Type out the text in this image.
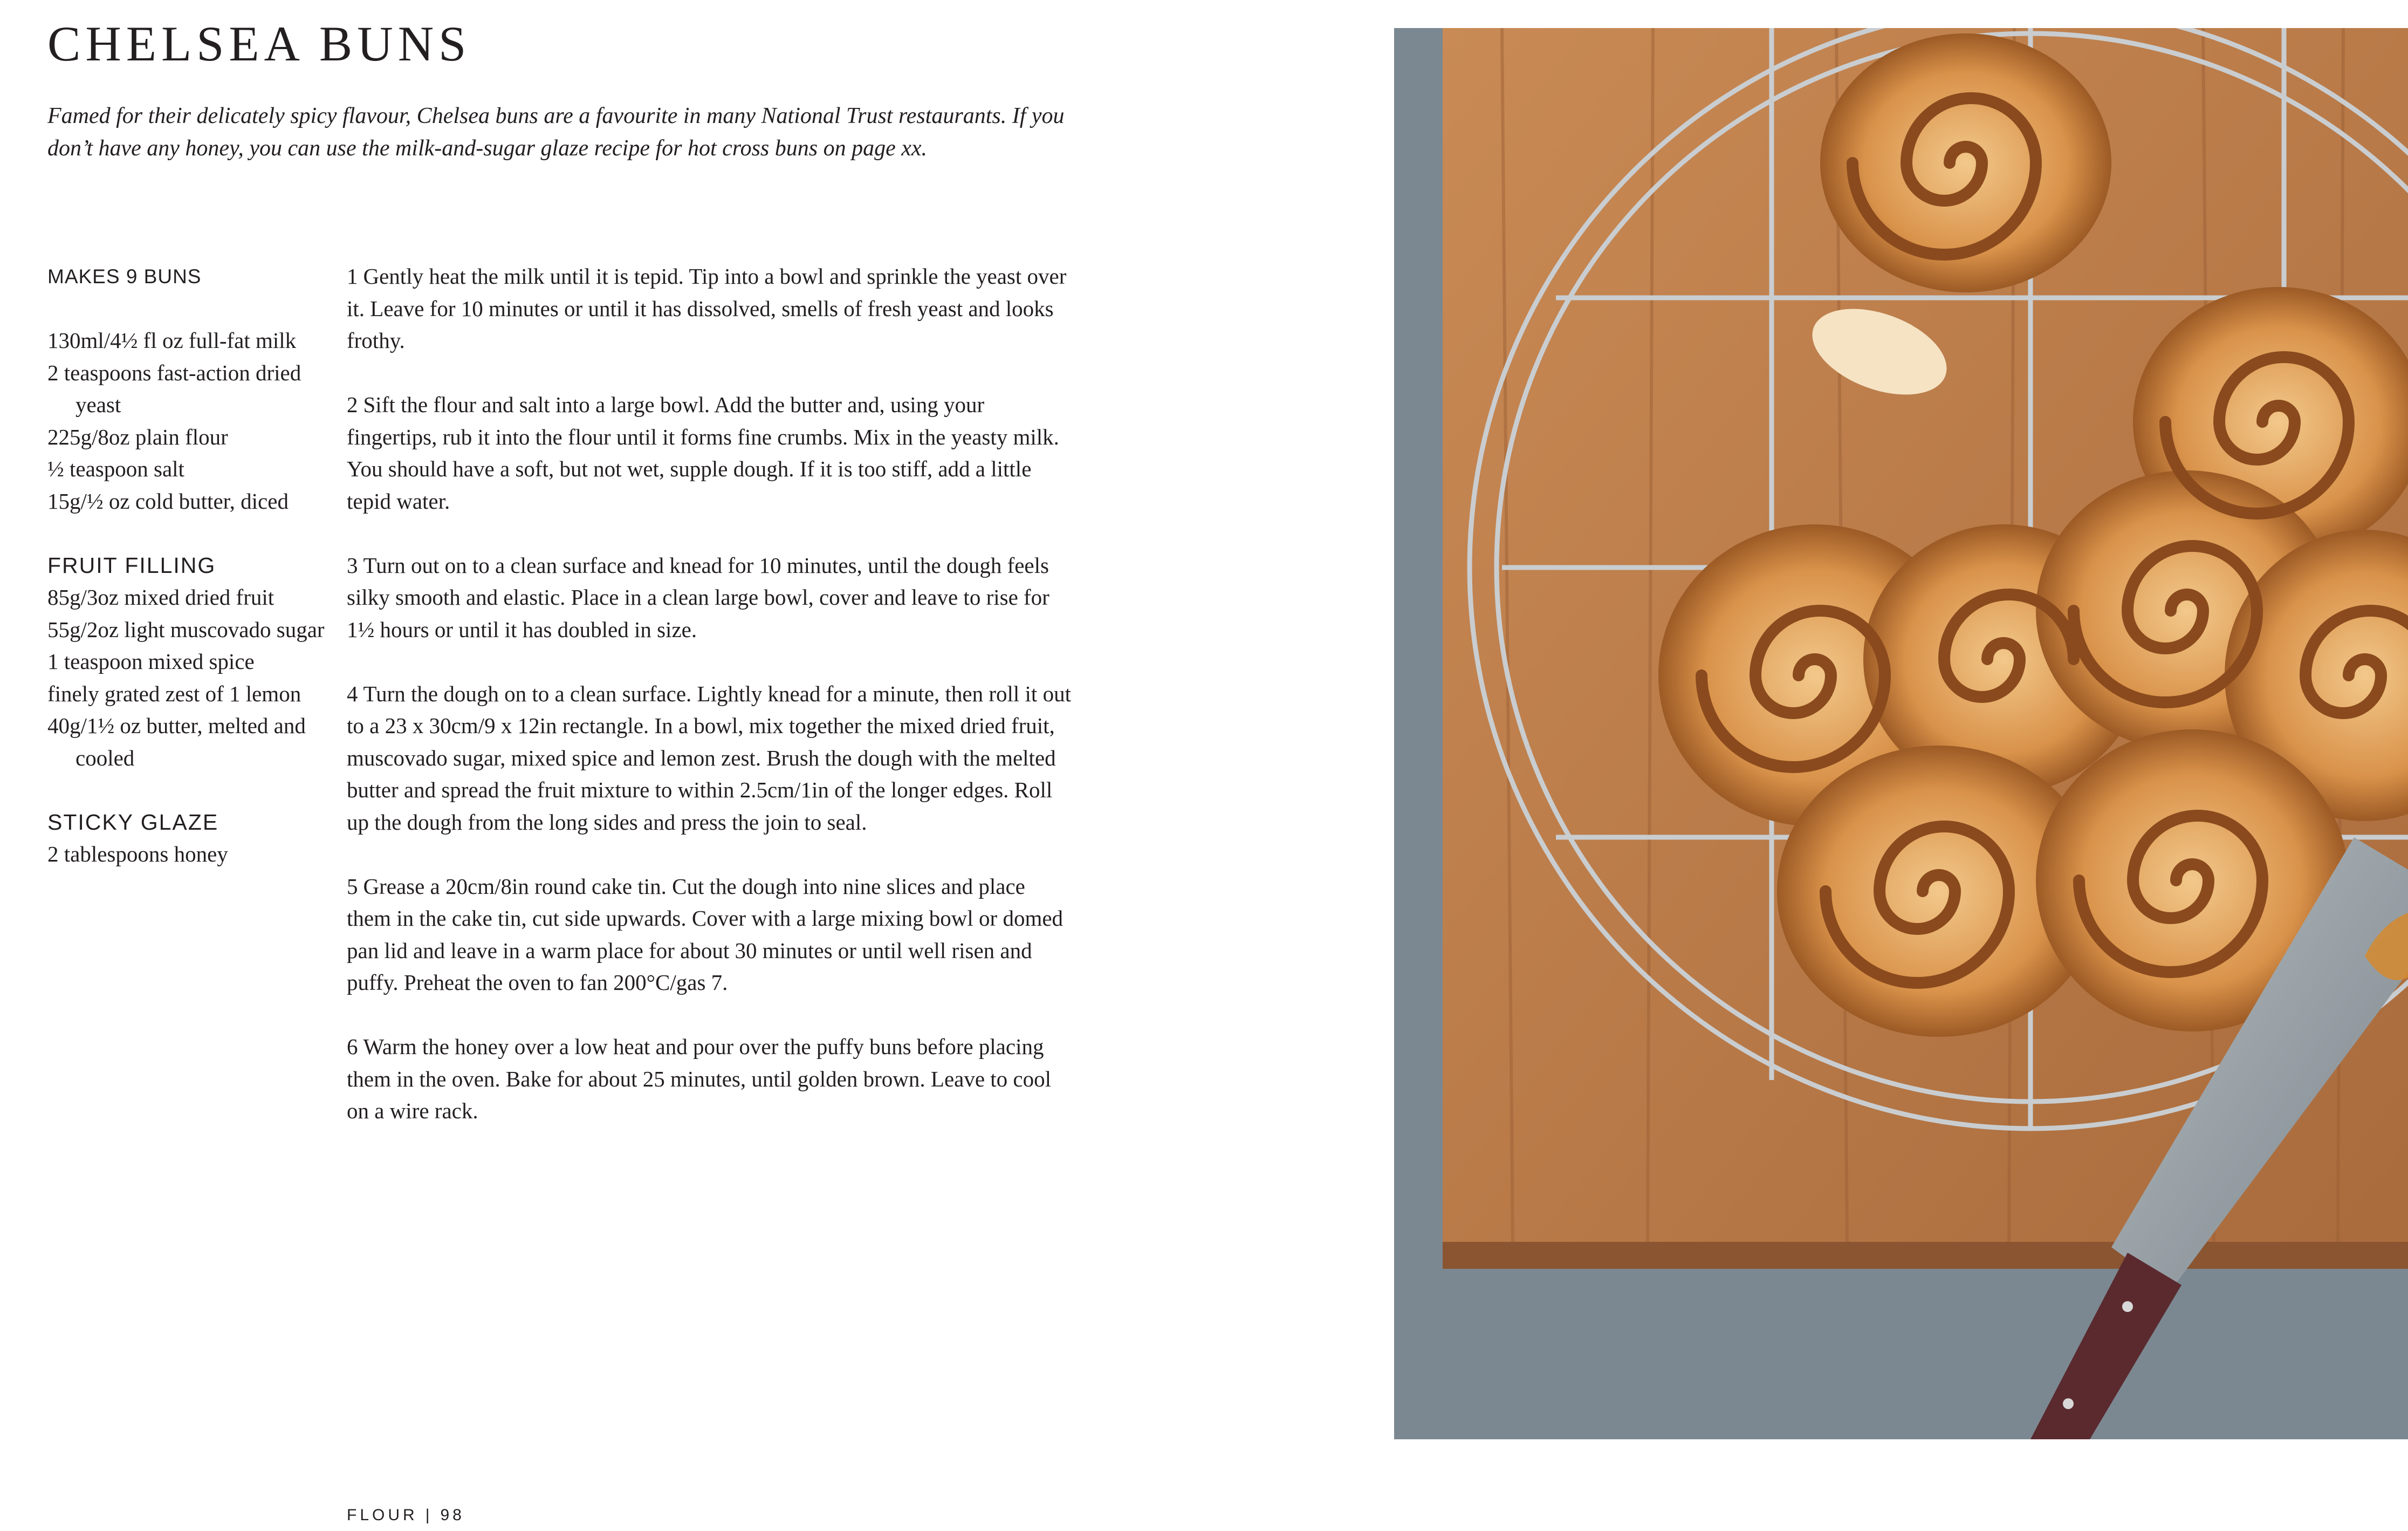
CHELSEA BUNS

Famed for their delicately spicy flavour, Chelsea buns are a favourite in many National Trust restaurants. If you don’t have any honey, you can use the milk-and-sugar glaze recipe for hot cross buns on page xx.

MAKES 9 BUNS
130ml/4½ fl oz full-fat milk
2 teaspoons fast-action dried yeast
225g/8oz plain flour
½ teaspoon salt
15g/½ oz cold butter, diced
FRUIT FILLING
85g/3oz mixed dried fruit
55g/2oz light muscovado sugar
1 teaspoon mixed spice
finely grated zest of 1 lemon
40g/1½ oz butter, melted and cooled
STICKY GLAZE
2 tablespoons honey

1 Gently heat the milk until it is tepid. Tip into a bowl and sprinkle the yeast over it. Leave for 10 minutes or until it has dissolved, smells of fresh yeast and looks frothy.

2 Sift the flour and salt into a large bowl. Add the butter and, using your fingertips, rub it into the flour until it forms fine crumbs. Mix in the yeasty milk. You should have a soft, but not wet, supple dough. If it is too stiff, add a little tepid water.

3 Turn out on to a clean surface and knead for 10 minutes, until the dough feels silky smooth and elastic. Place in a clean large bowl, cover and leave to rise for 1½ hours or until it has doubled in size.

4 Turn the dough on to a clean surface. Lightly knead for a minute, then roll it out to a 23 x 30cm/9 x 12in rectangle. In a bowl, mix together the mixed dried fruit, muscovado sugar, mixed spice and lemon zest. Brush the dough with the melted butter and spread the fruit mixture to within 2.5cm/1in of the longer edges. Roll up the dough from the long sides and press the join to seal.

5 Grease a 20cm/8in round cake tin. Cut the dough into nine slices and place them in the cake tin, cut side upwards. Cover with a large mixing bowl or domed pan lid and leave in a warm place for about 30 minutes or until well risen and puffy. Preheat the oven to fan 200°C/gas 7.

6 Warm the honey over a low heat and pour over the puffy buns before placing them in the oven. Bake for about 25 minutes, until golden brown. Leave to cool on a wire rack.

FLOUR | 98
